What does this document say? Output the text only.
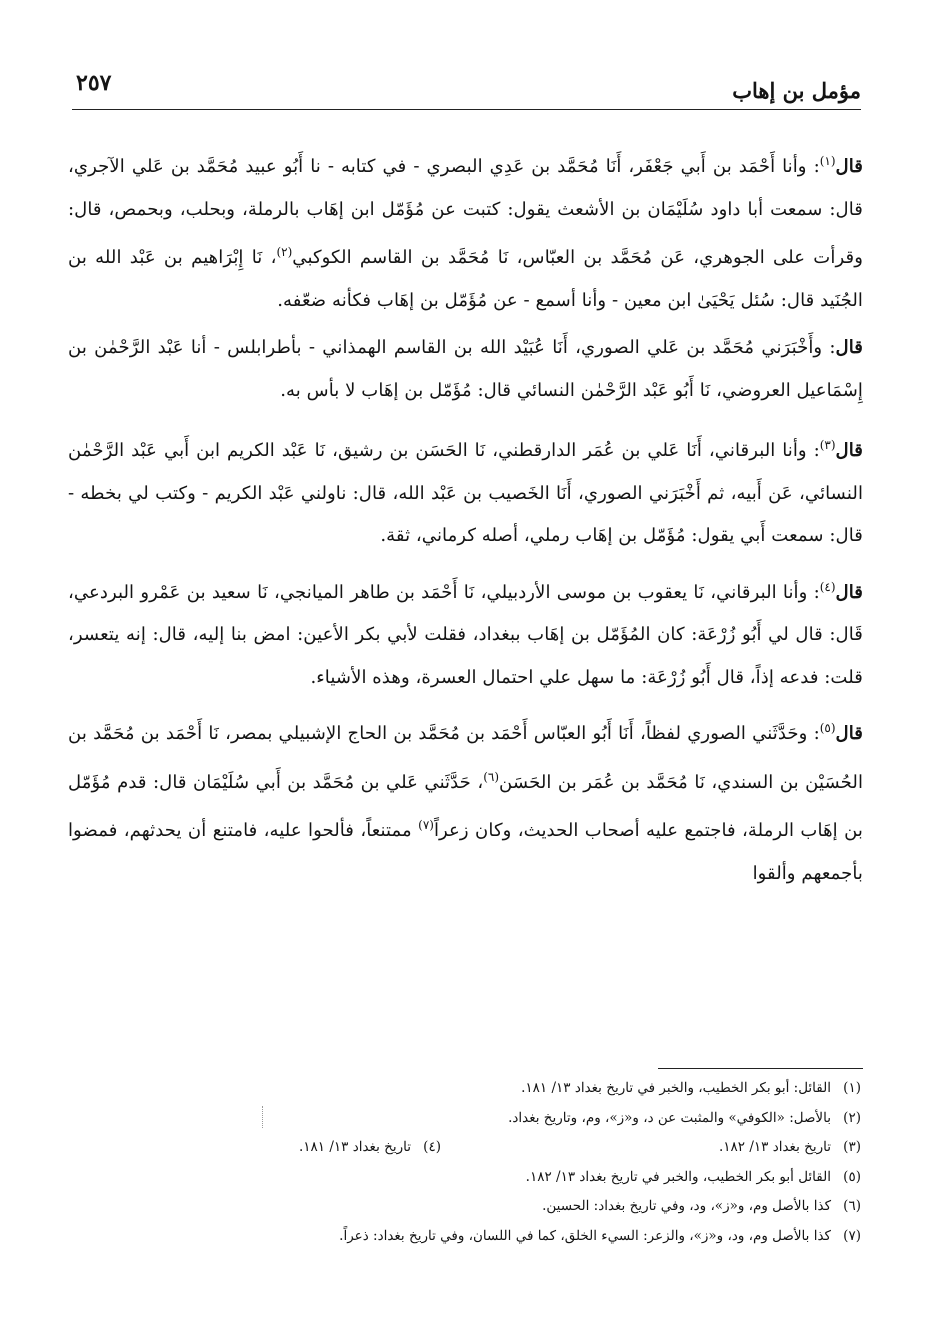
مؤمل بن إهاب
٢٥٧

قال$^{(١)}$: وأنا أَحْمَد بن أَبي جَعْفَر، أَنَا مُحَمَّد بن عَدِي البصري - في كتابه - نا أَبُو عبيد مُحَمَّد بن عَلي الآجري، قال: سمعت أبا داود سُلَيْمَان بن الأشعث يقول: كتبت عن مُؤَمّل ابن إهَاب بالرملة، وبحلب، وبحمص، قال: وقرأت على الجوهري، عَن مُحَمَّد بن العبّاس، نَا مُحَمَّد بن القاسم الكوكبي$^{(٢)}$، نَا إِبْرَاهيم بن عَبْد الله بن الجُنَيد قال: سُئل يَحْيَىٰ ابن معين - وأنا أسمع - عن مُؤَمّل بن إهَاب فكأنه ضعّفه.

قال: وأَخْبَرَني مُحَمَّد بن عَلي الصوري، أَنَا عُبَيْد الله بن القاسم الهمذاني - بأطرابلس - أنا عَبْد الرَّحْمٰن بن إِسْمَاعيل العروضي، نَا أَبُو عَبْد الرَّحْمٰن النسائي قال: مُؤَمّل بن إهَاب لا بأس به.

قال$^{(٣)}$: وأنا البرقاني، أَنَا عَلي بن عُمَر الدارقطني، نَا الحَسَن بن رشيق، نَا عَبْد الكريم ابن أَبي عَبْد الرَّحْمٰن النسائي، عَن أَبيه، ثم أَخْبَرَني الصوري، أَنَا الخَصيب بن عَبْد الله، قال: ناولني عَبْد الكريم - وكتب لي بخطه - قال: سمعت أَبي يقول: مُؤَمّل بن إهَاب رملي، أصله كرماني، ثقة.

قال$^{(٤)}$: وأنا البرقاني، نَا يعقوب بن موسى الأردبيلي، نَا أَحْمَد بن طاهر الميانجي، نَا سعيد بن عَمْرو البردعي، قَال: قال لي أَبُو زُرْعَة: كان المُؤَمّل بن إهَاب ببغداد، فقلت لأبي بكر الأعين: امض بنا إليه، قال: إنه يتعسر، قلت: فدعه إذاً، قال أَبُو زُرْعَة: ما سهل علي احتمال العسرة، وهذه الأشياء.

قال$^{(٥)}$: وحَدَّثَني الصوري لفظاً، أَنَا أَبُو العبّاس أَحْمَد بن مُحَمَّد بن الحاج الإشبيلي بمصر، نَا أَحْمَد بن مُحَمَّد بن الحُسَيْن بن السندي، نَا مُحَمَّد بن عُمَر بن الحَسَن$^{(٦)}$، حَدَّثَني عَلي بن مُحَمَّد بن أَبي سُلَيْمَان قال: قدم مُؤَمّل بن إهَاب الرملة، فاجتمع عليه أصحاب الحديث، وكان زعراً$^{(٧)}$ ممتنعاً، فألحوا عليه، فامتنع أن يحدثهم، فمضوا بأجمعهم وألقوا

(١)القائل: أبو بكر الخطيب، والخبر في تاريخ بغداد ١٣/ ١٨١.
(٢)بالأصل: «الكوفي» والمثبت عن د، و«ز»، وم، وتاريخ بغداد.
(٣)تاريخ بغداد ١٣/ ١٨٢.
(٤)تاريخ بغداد ١٣/ ١٨١.
(٥)القائل أبو بكر الخطيب، والخبر في تاريخ بغداد ١٣/ ١٨٢.
(٦)كذا بالأصل وم، و«ز»، ود، وفي تاريخ بغداد: الحسين.
(٧)كذا بالأصل وم، ود، و«ز»، والزعر: السيء الخلق، كما في اللسان، وفي تاريخ بغداد: ذعراً.
